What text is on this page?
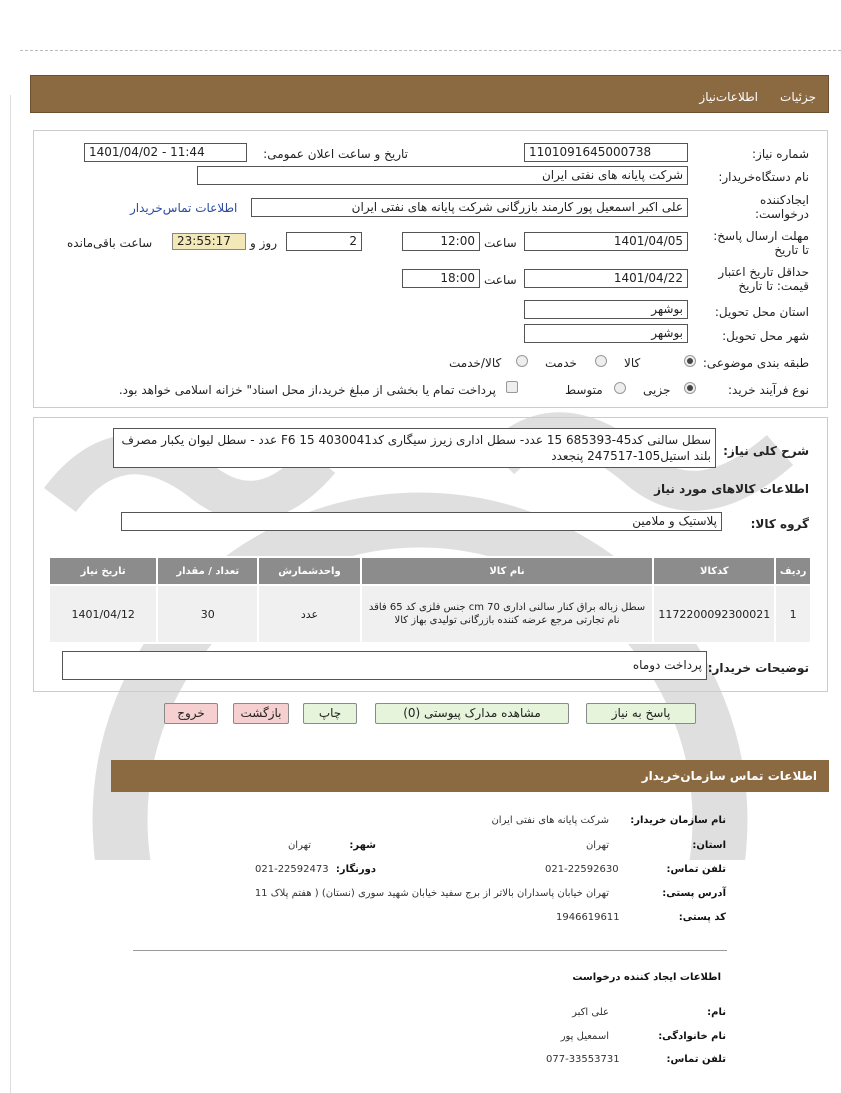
جزئیات
اطلاعات‌نیاز
شماره نیاز:
1101091645000738
تاریخ و ساعت اعلان عمومی:
1401/04/02 - 11:44
نام دستگاه‌خریدار:
شرکت پایانه های نفتی ایران
ایجادکننده درخواست:
علی اکبر اسمعیل پور کارمند بازرگانی شرکت پایانه های نفتی ایران
اطلاعات تماس‌خریدار
مهلت ارسال پاسخ: تا تاریخ
1401/04/05
ساعت
12:00
2
روز و
23:55:17
ساعت باقی‌مانده
حداقل تاریخ اعتبار قیمت: تا تاریخ
1401/04/22
ساعت
18:00
استان محل تحویل:
بوشهر
شهر محل تحویل:
بوشهر
طبقه بندی موضوعی:
کالا
خدمت
کالا/خدمت
نوع فرآیند خرید:
جزیی
متوسط
پرداخت تمام یا بخشی از مبلغ خرید،از محل اسناد" خزانه اسلامی خواهد بود.
شرح کلی نیاز:
سطل سالنی کد45-685393 15 عدد- سطل اداری زیرز سیگاری کد4030041 F6 15 عدد - سطل لیوان یکبار مصرف بلند استیل105-247517 پنجعدد
اطلاعات کالاهای مورد نیاز
گروه کالا:
پلاستیک و ملامین
ردیف	کدکالا	نام کالا	واحدشمارش	تعداد / مقدار	تاریخ نیاز
1	1172200092300021	سطل زباله براق کنار سالنی اداری 70 cm جنس فلزی کد 65 فاقد نام تجارتی مرجع عرضه کننده بازرگانی تولیدی بهاز کالا	عدد	30	1401/04/12
توضیحات خریدار:
پرداخت دوماه
پاسخ به نیاز
مشاهده مدارک پیوستی (0)
چاپ
بازگشت
خروج
اطلاعات تماس سازمان‌خریدار
نام سازمان خریدار:
شرکت پایانه های نفتی ایران
استان:
تهران
شهر:
تهران
تلفن تماس:
021-22592630
دورنگار:
021-22592473
آدرس پستی:
تهران خیابان پاسداران بالاتر از برج سفید خیابان شهید سوری (نستان) ( هفتم پلاک 11
کد پستی:
1946619611
اطلاعات ایجاد کننده درخواست
نام:
علی اکبر
نام خانوادگی:
اسمعیل پور
تلفن تماس:
077-33553731
